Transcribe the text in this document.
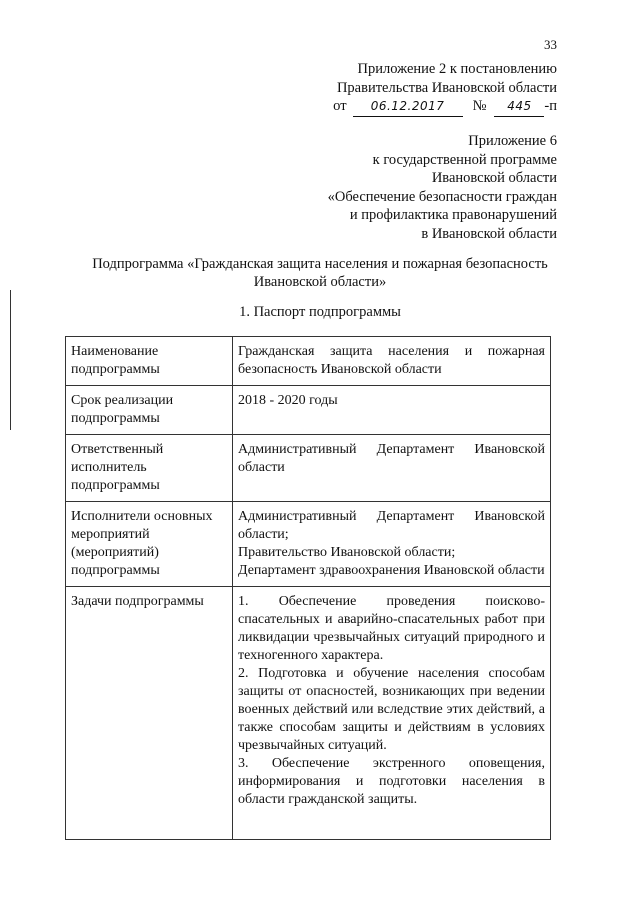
33
Приложение 2 к постановлению
Правительства Ивановской области
от	06.12.2017	№	445 -п
Приложение 6
к государственной программе
Ивановской области
«Обеспечение безопасности граждан
и профилактика правонарушений
в Ивановской области
Подпрограмма «Гражданская защита населения и пожарная безопасность Ивановской области»
1. Паспорт подпрограммы
Наименование подпрограммы	Гражданская защита населения и пожарная безопасность Ивановской области

Срок реализации подпрограммы	2018 - 2020 годы

Ответственный исполнитель подпрограммы	Административный Департамент Ивановской области

Исполнители основных мероприятий (мероприятий) подпрограммы	Административный Департамент Ивановской области;
Правительство Ивановской области;
Департамент здравоохранения Ивановской области

Задачи подпрограммы	1. Обеспечение проведения поисково-спасательных и аварийно-спасательных работ при ликвидации чрезвычайных ситуаций природного и техногенного характера.
2. Подготовка и обучение населения способам защиты от опасностей, возникающих при ведении военных действий или вследствие этих действий, а также способам защиты и действиям в условиях чрезвычайных ситуаций.
3. Обеспечение экстренного оповещения, информирования и подготовки населения в области гражданской защиты.
